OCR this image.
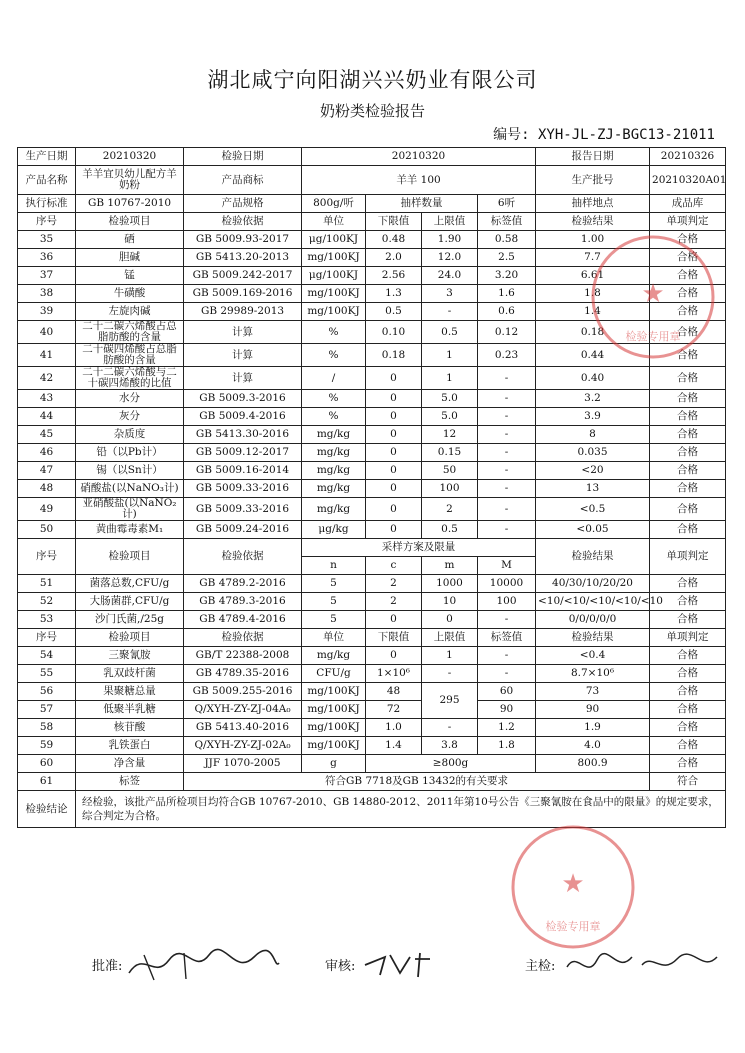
湖北咸宁向阳湖兴兴奶业有限公司
奶粉类检验报告
编号: XYH-JL-ZJ-BGC13-21011
生产日期	20210320	检验日期	20210320				报告日期	20210326
产品名称	羊羊宜贝幼儿配方羊奶粉	产品商标	羊羊 100				生产批号	20210320A01
执行标准	GB 10767-2010	产品规格	800g/听	抽样数量		6听	抽样地点	成品库
序号	检验项目	检验依据	单位	下限值	上限值	标签值	检验结果	单项判定
35	硒	GB 5009.93-2017	μg/100KJ	0.48	1.90	0.58	1.00	合格
36	胆碱	GB 5413.20-2013	mg/100KJ	2.0	12.0	2.5	7.7	合格
37	锰	GB 5009.242-2017	μg/100KJ	2.56	24.0	3.20	6.61	合格
38	牛磺酸	GB 5009.169-2016	mg/100KJ	1.3	3	1.6	1.8	合格
39	左旋肉碱	GB 29989-2013	mg/100KJ	0.5	-	0.6	1.4	合格
40	二十二碳六烯酸占总脂肪酸的含量	计算	%	0.10	0.5	0.12	0.18	合格
41	二十碳四烯酸占总脂肪酸的含量	计算	%	0.18	1	0.23	0.44	合格
42	二十二碳六烯酸与二十碳四烯酸的比值	计算	/	0	1	-	0.40	合格
43	水分	GB 5009.3-2016	%	0	5.0	-	3.2	合格
44	灰分	GB 5009.4-2016	%	0	5.0	-	3.9	合格
45	杂质度	GB 5413.30-2016	mg/kg	0	12	-	8	合格
46	铅（以Pb计）	GB 5009.12-2017	mg/kg	0	0.15	-	0.035	合格
47	锡（以Sn计）	GB 5009.16-2014	mg/kg	0	50	-	<20	合格
48	硝酸盐(以NaNO₃计)	GB 5009.33-2016	mg/kg	0	100	-	13	合格
49	亚硝酸盐(以NaNO₂计)	GB 5009.33-2016	mg/kg	0	2	-	<0.5	合格
50	黄曲霉毒素M₁	GB 5009.24-2016	μg/kg	0	0.5	-	<0.05	合格
序号	检验项目	检验依据	采样方案及限量				检验结果	单项判定
			n	c	m	M		
51	菌落总数,CFU/g	GB 4789.2-2016	5	2	1000	10000	40/30/10/20/20	合格
52	大肠菌群,CFU/g	GB 4789.3-2016	5	2	10	100	<10/<10/<10/<10/<10	合格
53	沙门氏菌,/25g	GB 4789.4-2016	5	0	0	-	0/0/0/0/0	合格
序号	检验项目	检验依据	单位	下限值	上限值	标签值	检验结果	单项判定
54	三聚氰胺	GB/T 22388-2008	mg/kg	0	1	-	<0.4	合格
55	乳双歧杆菌	GB 4789.35-2016	CFU/g	1×10⁶	-	-	8.7×10⁶	合格
56	果聚糖总量	GB 5009.255-2016	mg/100KJ	48	295	60	73	合格
57	低聚半乳糖	Q/XYH-ZY-ZJ-04A₀	mg/100KJ	72		90	90	合格
58	核苷酸	GB 5413.40-2016	mg/100KJ	1.0	-	1.2	1.9	合格
59	乳铁蛋白	Q/XYH-ZY-ZJ-02A₀	mg/100KJ	1.4	3.8	1.8	4.0	合格
60	净含量	JJF 1070-2005	g	≥800g			800.9	合格
61	标签	符合GB 7718及GB 13432的有关要求						符合
检验结论	经检验，该批产品所检项目均符合GB 10767-2010、GB 14880-2012、2011年第10号公告《三聚氰胺在食品中的限量》的规定要求，综合判定为合格。							
批准:	审核:	主检:
★
检验专用章
★
检验专用章
